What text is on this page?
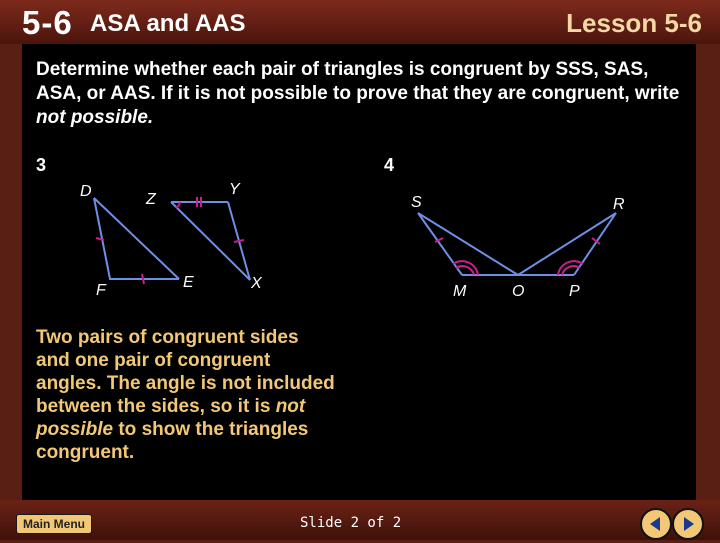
5-6 ASA and AAS	Lesson 5-6
Determine whether each pair of triangles is congruent by SSS, SAS, ASA, or AAS. If it is not possible to prove that they are congruent, write not possible.
3	4
D	Z
Y
F	E	X
S	R
M	O	P
Two pairs of congruent sides and one pair of congruent angles. The angle is not included between the sides, so it is not possible to show the triangles congruent.
Main Menu	Slide 2 of 2
